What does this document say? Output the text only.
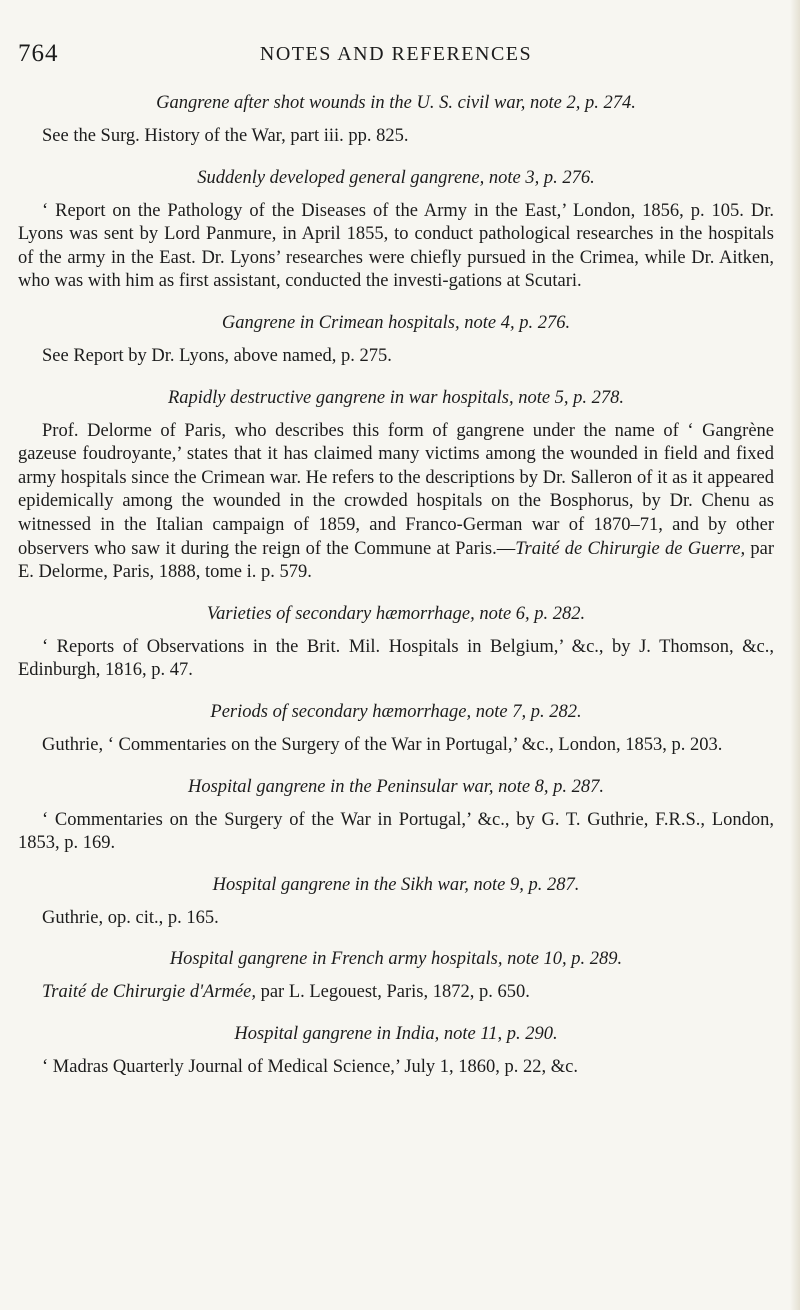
764	NOTES AND REFERENCES

Gangrene after shot wounds in the U. S. civil war, note 2, p. 274.

See the Surg. History of the War, part iii. pp. 825.

Suddenly developed general gangrene, note 3, p. 276.

‘ Report on the Pathology of the Diseases of the Army in the East,’ London, 1856, p. 105. Dr. Lyons was sent by Lord Panmure, in April 1855, to conduct pathological researches in the hospitals of the army in the East. Dr. Lyons’ researches were chiefly pursued in the Crimea, while Dr. Aitken, who was with him as first assistant, conducted the investi-gations at Scutari.

Gangrene in Crimean hospitals, note 4, p. 276.

See Report by Dr. Lyons, above named, p. 275.

Rapidly destructive gangrene in war hospitals, note 5, p. 278.

Prof. Delorme of Paris, who describes this form of gangrene under the name of ‘ Gangrène gazeuse foudroyante,’ states that it has claimed many victims among the wounded in field and fixed army hospitals since the Crimean war. He refers to the descriptions by Dr. Salleron of it as it appeared epidemically among the wounded in the crowded hospitals on the Bosphorus, by Dr. Chenu as witnessed in the Italian campaign of 1859, and Franco-German war of 1870–71, and by other observers who saw it during the reign of the Commune at Paris.—Traité de Chirurgie de Guerre, par E. Delorme, Paris, 1888, tome i. p. 579.

Varieties of secondary hæmorrhage, note 6, p. 282.

‘ Reports of Observations in the Brit. Mil. Hospitals in Belgium,’ &c., by J. Thomson, &c., Edinburgh, 1816, p. 47.

Periods of secondary hæmorrhage, note 7, p. 282.

Guthrie, ‘ Commentaries on the Surgery of the War in Portugal,’ &c., London, 1853, p. 203.

Hospital gangrene in the Peninsular war, note 8, p. 287.

‘ Commentaries on the Surgery of the War in Portugal,’ &c., by G. T. Guthrie, F.R.S., London, 1853, p. 169.

Hospital gangrene in the Sikh war, note 9, p. 287.

Guthrie, op. cit., p. 165.

Hospital gangrene in French army hospitals, note 10, p. 289.

Traité de Chirurgie d'Armée, par L. Legouest, Paris, 1872, p. 650.

Hospital gangrene in India, note 11, p. 290.

‘ Madras Quarterly Journal of Medical Science,’ July 1, 1860, p. 22, &c.
